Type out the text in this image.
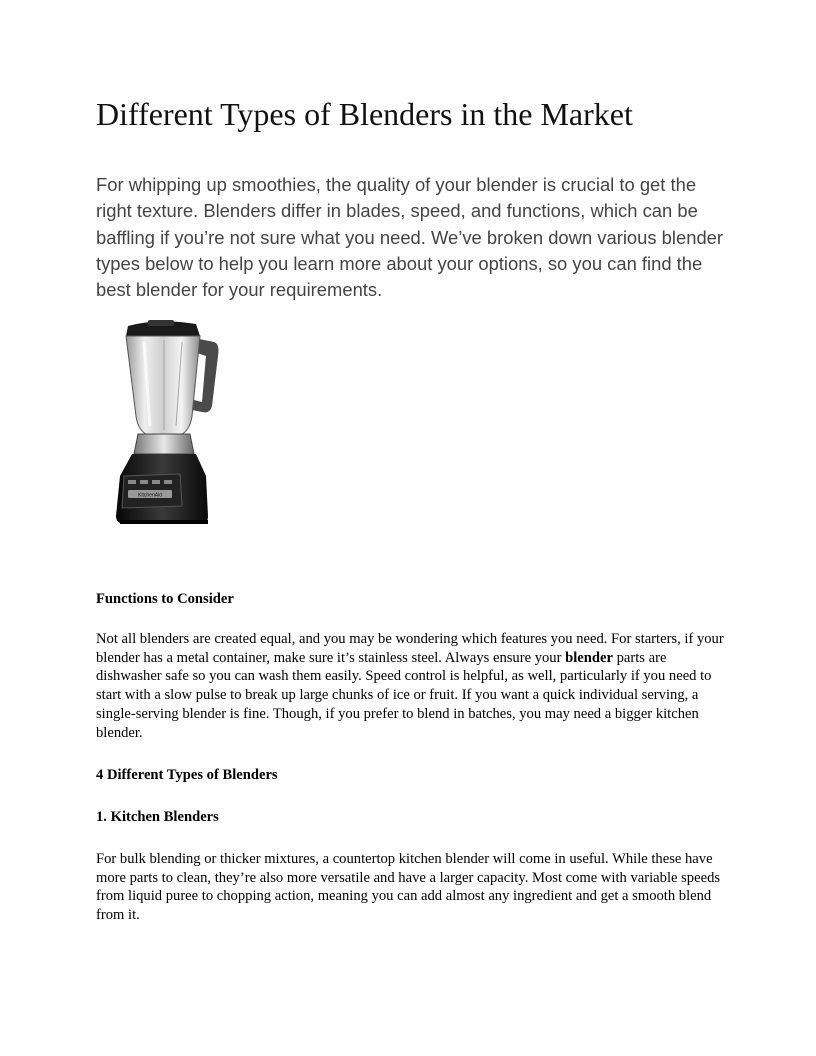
Different Types of Blenders in the Market

For whipping up smoothies, the quality of your blender is crucial to get the right texture. Blenders differ in blades, speed, and functions, which can be baffling if you’re not sure what you need. We’ve broken down various blender types below to help you learn more about your options, so you can find the best blender for your requirements.

KitchenAid
Functions to Consider

Not all blenders are created equal, and you may be wondering which features you need. For starters, if your blender has a metal container, make sure it’s stainless steel. Always ensure your blender parts are dishwasher safe so you can wash them easily. Speed control is helpful, as well, particularly if you need to start with a slow pulse to break up large chunks of ice or fruit. If you want a quick individual serving, a single-serving blender is fine. Though, if you prefer to blend in batches, you may need a bigger kitchen blender.

4 Different Types of Blenders
1. Kitchen Blenders

For bulk blending or thicker mixtures, a countertop kitchen blender will come in useful. While these have more parts to clean, they’re also more versatile and have a larger capacity. Most come with variable speeds from liquid puree to chopping action, meaning you can add almost any ingredient and get a smooth blend from it.
